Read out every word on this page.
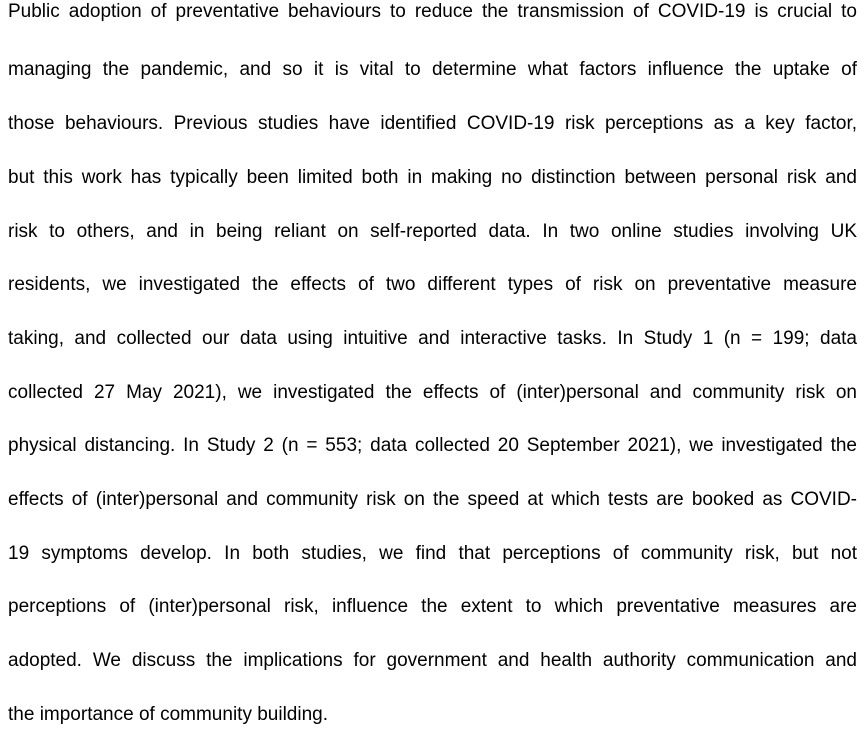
Public adoption of preventative behaviours to reduce the transmission of COVID-19 is crucial to
managing the pandemic, and so it is vital to determine what factors influence the uptake of
those behaviours. Previous studies have identified COVID-19 risk perceptions as a key factor,
but this work has typically been limited both in making no distinction between personal risk and
risk to others, and in being reliant on self-reported data. In two online studies involving UK
residents, we investigated the effects of two different types of risk on preventative measure
taking, and collected our data using intuitive and interactive tasks. In Study 1 (n = 199; data
collected 27 May 2021), we investigated the effects of (inter)personal and community risk on
physical distancing. In Study 2 (n = 553; data collected 20 September 2021), we investigated the
effects of (inter)personal and community risk on the speed at which tests are booked as COVID-
19 symptoms develop. In both studies, we find that perceptions of community risk, but not
perceptions of (inter)personal risk, influence the extent to which preventative measures are
adopted. We discuss the implications for government and health authority communication and
the importance of community building.
